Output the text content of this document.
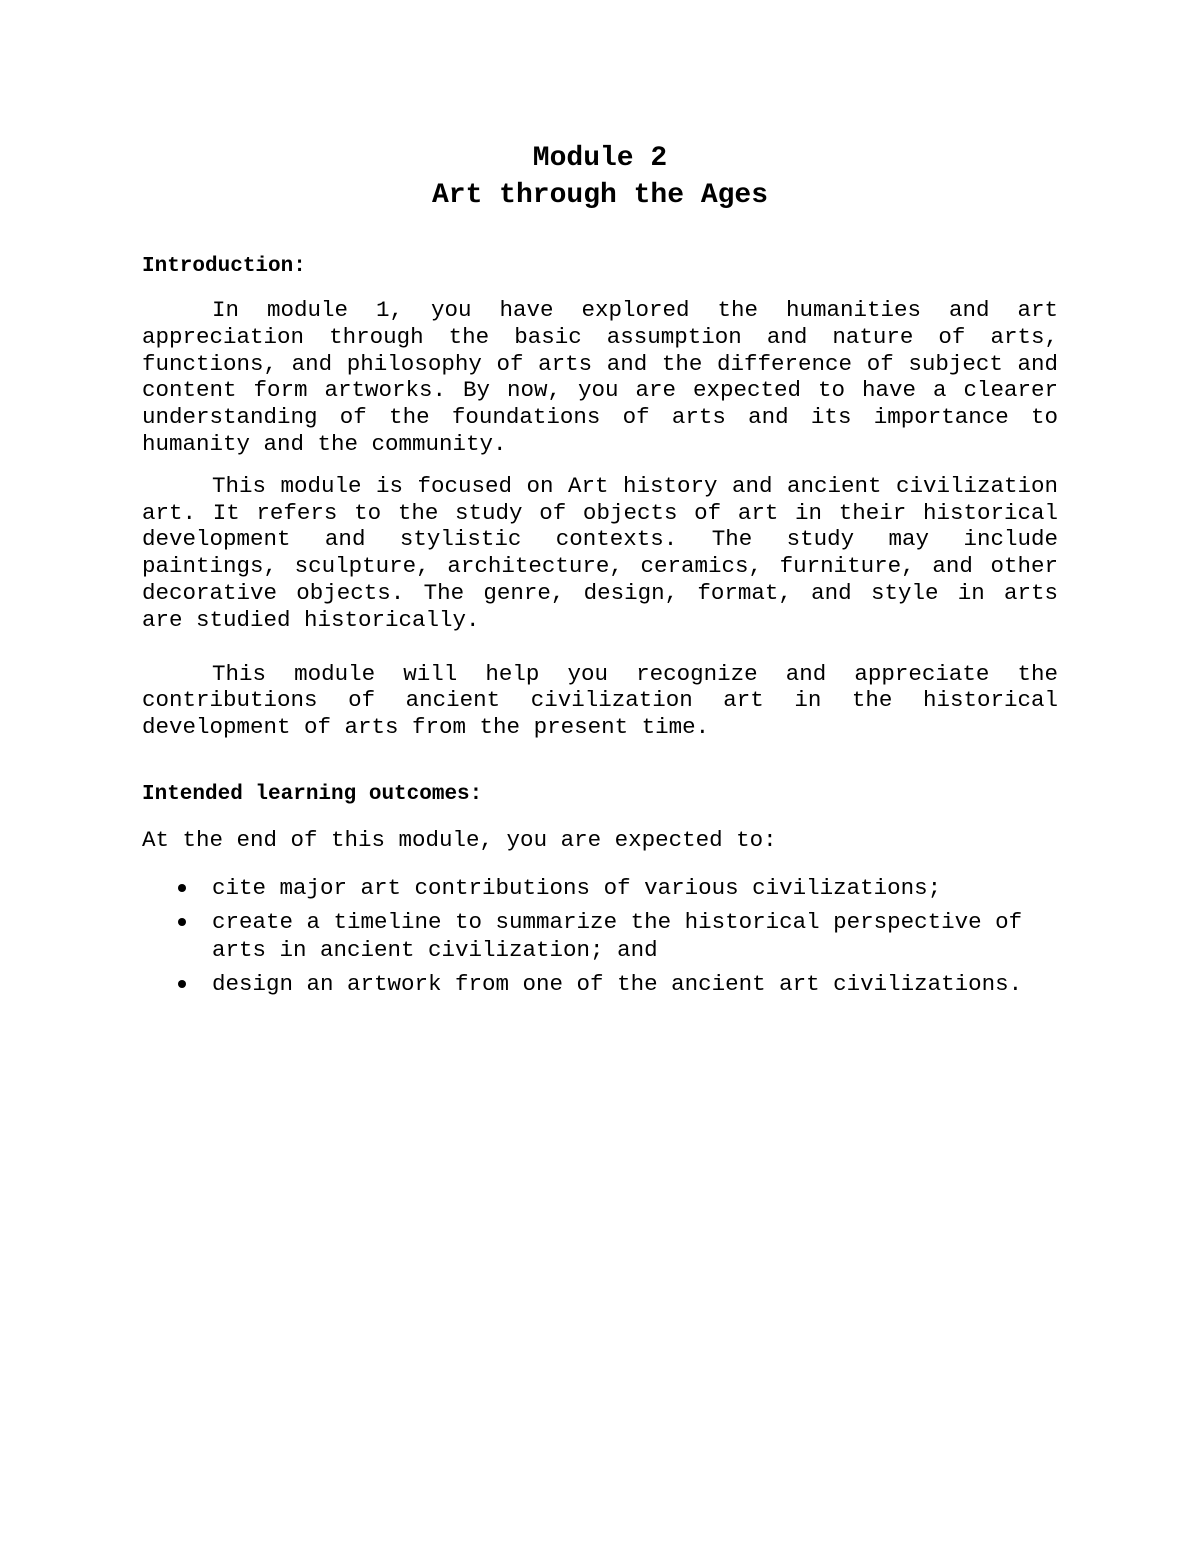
Module 2
Art through the Ages
Introduction:

In module 1, you have explored the humanities and art appreciation through the basic assumption and nature of arts, functions, and philosophy of arts and the difference of subject and content form artworks. By now, you are expected to have a clearer understanding of the foundations of arts and its importance to humanity and the community.

This module is focused on Art history and ancient civilization art. It refers to the study of objects of art in their historical development and stylistic contexts. The study may include paintings, sculpture, architecture, ceramics, furniture, and other decorative objects. The genre, design, format, and style in arts are studied historically.

This module will help you recognize and appreciate the contributions of ancient civilization art in the historical development of arts from the present time.

Intended learning outcomes:

At the end of this module, you are expected to:

cite major art contributions of various civilizations;
create a timeline to summarize the historical perspective of arts in ancient civilization; and
design an artwork from one of the ancient art civilizations.
